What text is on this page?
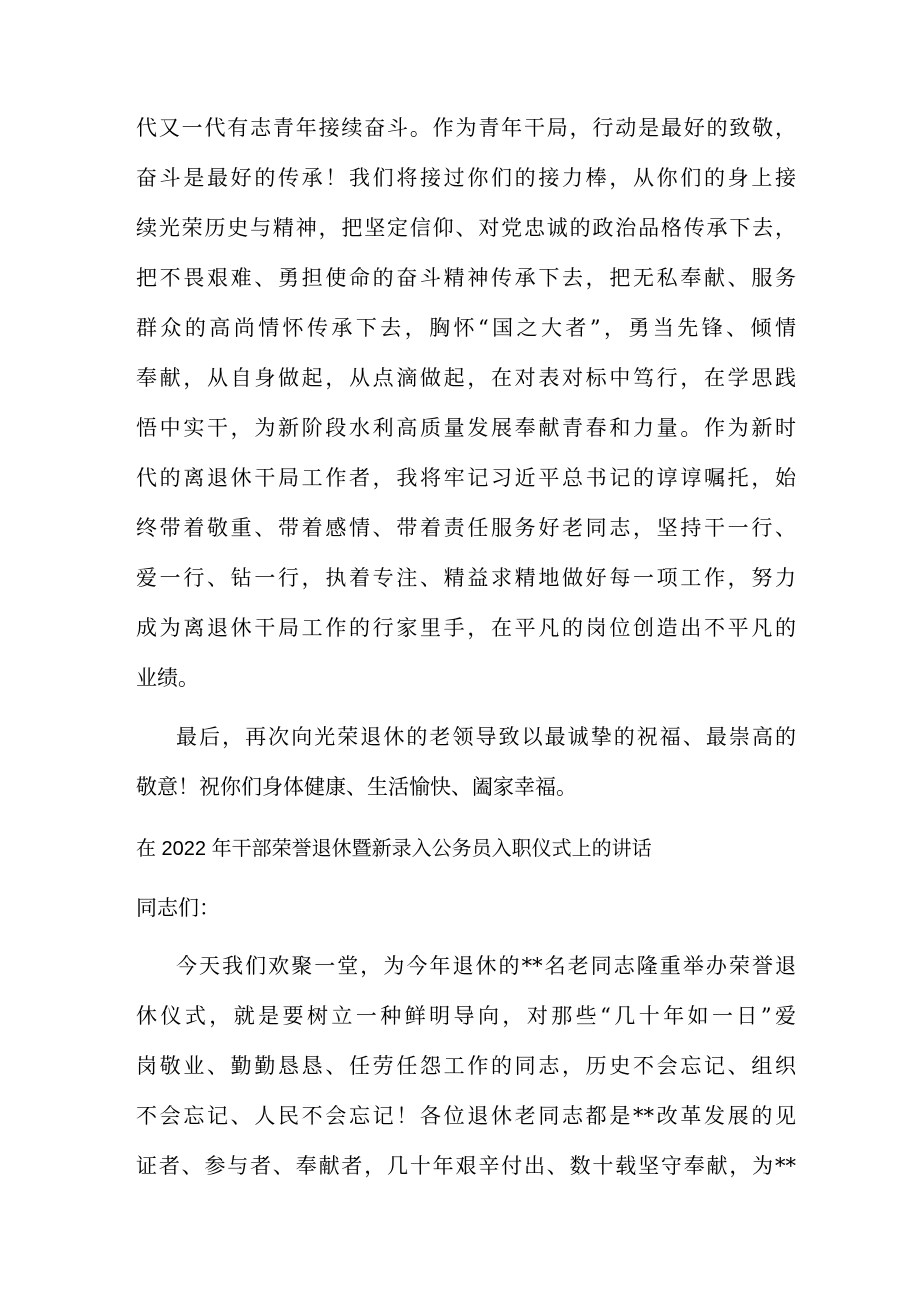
代又一代有志青年接续奋斗。作为青年干局，行动是最好的致敬，
奋斗是最好的传承！我们将接过你们的接力棒，从你们的身上接
续光荣历史与精神，把坚定信仰、对党忠诚的政治品格传承下去，
把不畏艰难、勇担使命的奋斗精神传承下去，把无私奉献、服务
群众的高尚情怀传承下去，胸怀“国之大者”，勇当先锋、倾情
奉献，从自身做起，从点滴做起，在对表对标中笃行，在学思践
悟中实干，为新阶段水利高质量发展奉献青春和力量。作为新时
代的离退休干局工作者，我将牢记习近平总书记的谆谆嘱托，始
终带着敬重、带着感情、带着责任服务好老同志，坚持干一行、
爱一行、钻一行，执着专注、精益求精地做好每一项工作，努力
成为离退休干局工作的行家里手，在平凡的岗位创造出不平凡的
业绩。
最后，再次向光荣退休的老领导致以最诚挚的祝福、最崇高的
敬意！祝你们身体健康、生活愉快、阖家幸福。
在 2022 年干部荣誉退休暨新录入公务员入职仪式上的讲话
同志们：
今天我们欢聚一堂，为今年退休的**名老同志隆重举办荣誉退
休仪式，就是要树立一种鲜明导向，对那些“几十年如一日”爱
岗敬业、勤勤恳恳、任劳任怨工作的同志，历史不会忘记、组织
不会忘记、人民不会忘记！各位退休老同志都是**改革发展的见
证者、参与者、奉献者，几十年艰辛付出、数十载坚守奉献，为**
